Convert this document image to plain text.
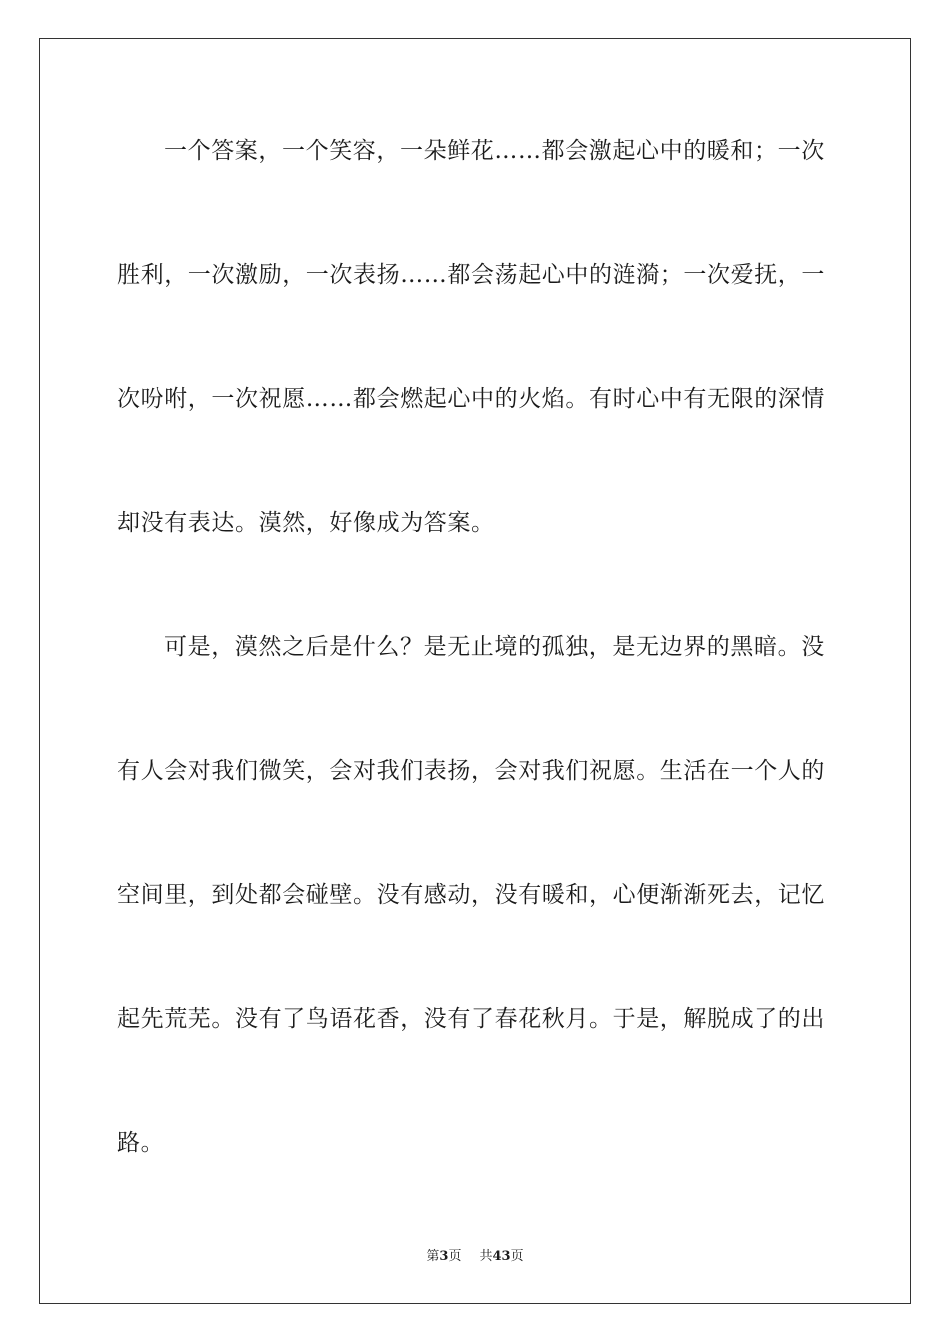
一个答案，一个笑容，一朵鲜花……都会激起心中的暖和；一次
胜利，一次激励，一次表扬……都会荡起心中的涟漪；一次爱抚，一
次吩咐，一次祝愿……都会燃起心中的火焰。有时心中有无限的深情
却没有表达。漠然，好像成为答案。
可是，漠然之后是什么？是无止境的孤独，是无边界的黑暗。没
有人会对我们微笑，会对我们表扬，会对我们祝愿。生活在一个人的
空间里，到处都会碰壁。没有感动，没有暖和，心便渐渐死去，记忆
起先荒芜。没有了鸟语花香，没有了春花秋月。于是，解脱成了的出
路。
第3页 共43页
